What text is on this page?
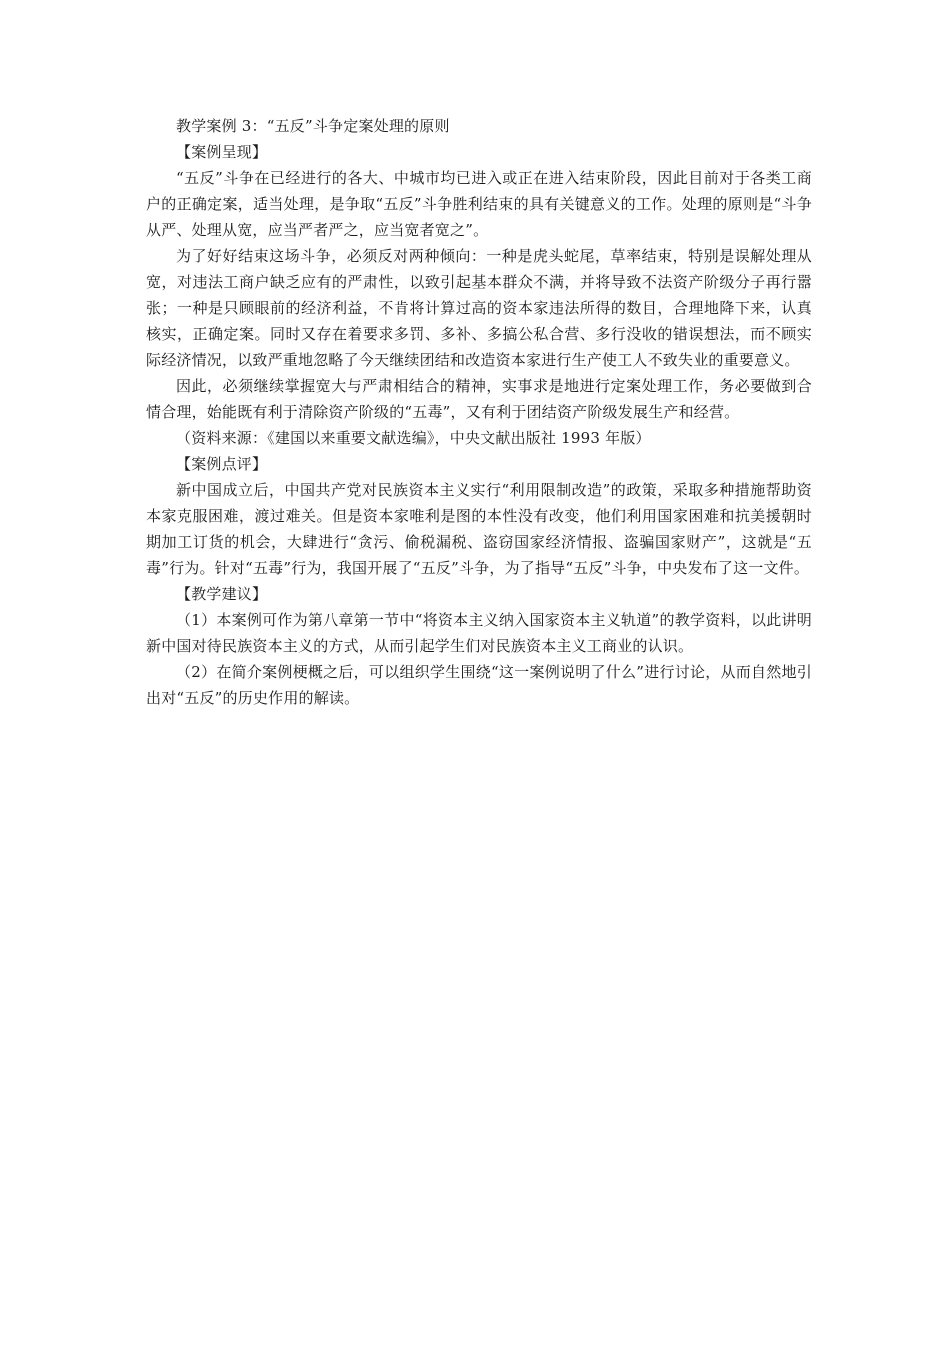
教学案例 3：“五反”斗争定案处理的原则

【案例呈现】

“五反”斗争在已经进行的各大、中城市均已进入或正在进入结束阶段，因此目前对于各类工商户的正确定案，适当处理，是争取“五反”斗争胜利结束的具有关键意义的工作。处理的原则是“斗争从严、处理从宽，应当严者严之，应当宽者宽之”。

为了好好结束这场斗争，必须反对两种倾向：一种是虎头蛇尾，草率结束，特别是误解处理从宽，对违法工商户缺乏应有的严肃性，以致引起基本群众不满，并将导致不法资产阶级分子再行嚣张；一种是只顾眼前的经济利益，不肯将计算过高的资本家违法所得的数目，合理地降下来，认真核实，正确定案。同时又存在着要求多罚、多补、多搞公私合营、多行没收的错误想法，而不顾实际经济情况，以致严重地忽略了今天继续团结和改造资本家进行生产使工人不致失业的重要意义。

因此，必须继续掌握宽大与严肃相结合的精神，实事求是地进行定案处理工作，务必要做到合情合理，始能既有利于清除资产阶级的“五毒”，又有利于团结资产阶级发展生产和经营。

（资料来源：《建国以来重要文献选编》，中央文献出版社 1993 年版）

【案例点评】

新中国成立后，中国共产党对民族资本主义实行“利用限制改造”的政策，采取多种措施帮助资本家克服困难，渡过难关。但是资本家唯利是图的本性没有改变，他们利用国家困难和抗美援朝时期加工订货的机会，大肆进行“贪污、偷税漏税、盗窃国家经济情报、盗骗国家财产”，这就是“五毒”行为。针对“五毒”行为，我国开展了“五反”斗争，为了指导“五反”斗争，中央发布了这一文件。

【教学建议】

（1）本案例可作为第八章第一节中“将资本主义纳入国家资本主义轨道”的教学资料，以此讲明新中国对待民族资本主义的方式，从而引起学生们对民族资本主义工商业的认识。

（2）在简介案例梗概之后，可以组织学生围绕“这一案例说明了什么”进行讨论，从而自然地引出对“五反”的历史作用的解读。
